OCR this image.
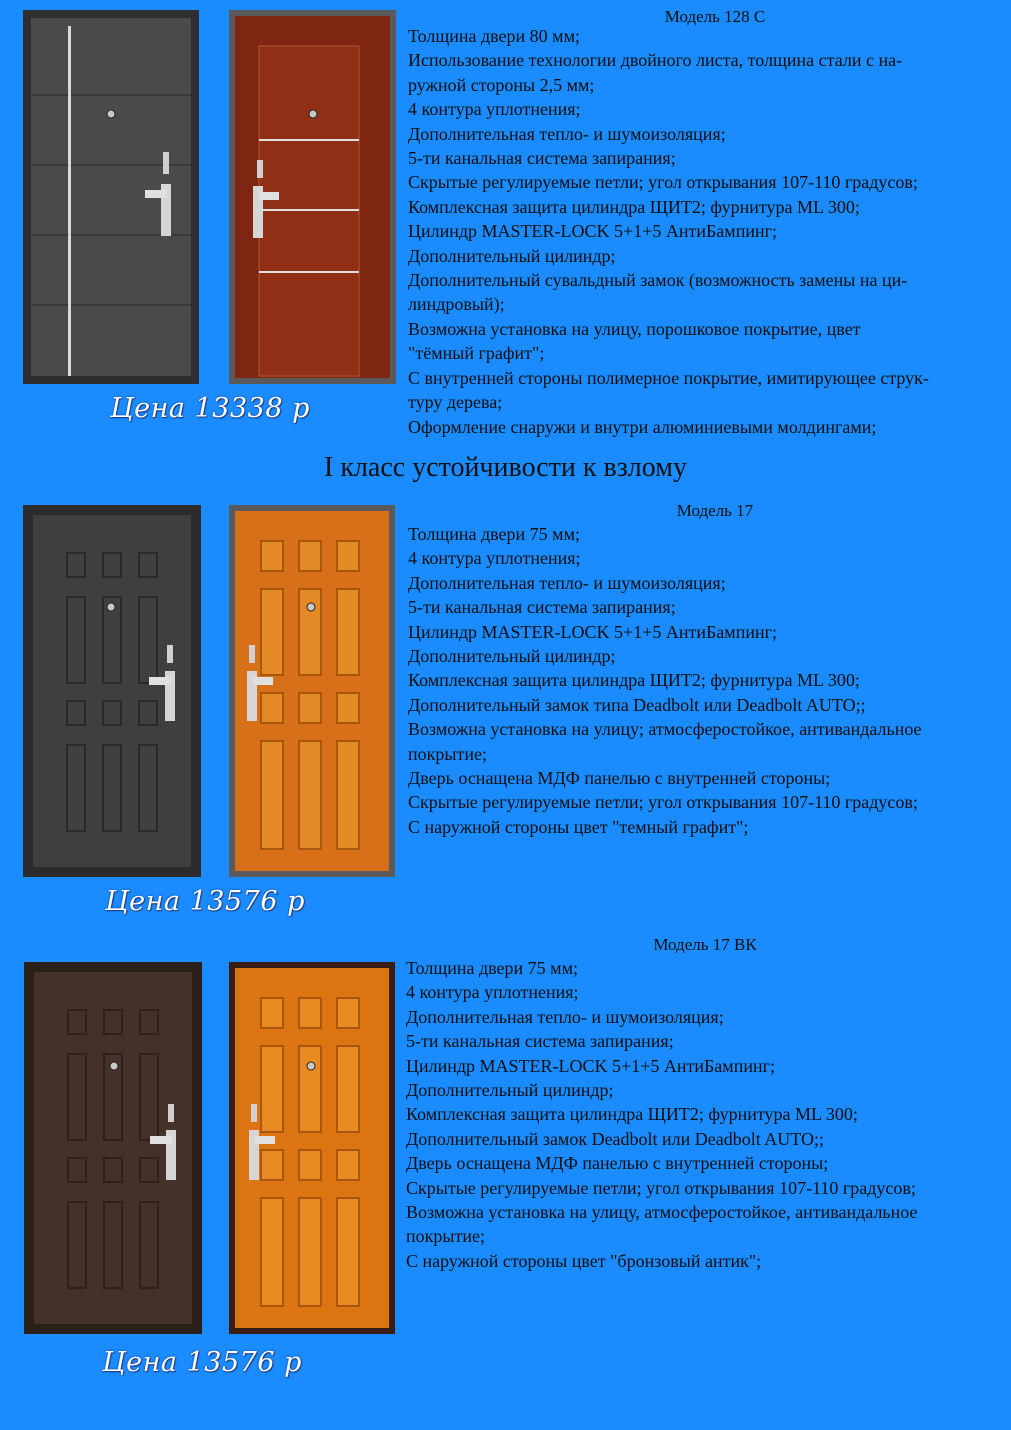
Модель 128 С
Толщина двери 80 мм;
Использование технологии двойного листа, толщина стали с на-
ружной стороны 2,5 мм;
4 контура уплотнения;
Дополнительная тепло- и шумоизоляция;
5-ти канальная система запирания;
Скрытые регулируемые петли; угол открывания 107-110 градусов;
Комплексная защита цилиндра ЩИТ2; фурнитура ML 300;
Цилиндр MASTER-LOCK 5+1+5 АнтиБампинг;
Дополнительный цилиндр;
Дополнительный сувальдный замок (возможность замены на ци-
линдровый);
Возможна установка на улицу, порошковое покрытие, цвет
"тёмный графит";
С внутренней стороны полимерное покрытие, имитирующее струк-
туру дерева;
Оформление снаружи и внутри алюминиевыми молдингами;
Цена 13338 р
I класс устойчивости к взлому
Модель 17
Толщина двери 75 мм;
4 контура уплотнения;
Дополнительная тепло- и шумоизоляция;
5-ти канальная система запирания;
Цилиндр MASTER-LOCK 5+1+5 АнтиБампинг;
Дополнительный цилиндр;
Комплексная защита цилиндра ЩИТ2; фурнитура ML 300;
Дополнительный замок типа Deadbolt или Deadbolt AUTO;;
Возможна установка на улицу; атмосферостойкое, антивандальное
покрытие;
Дверь оснащена МДФ панелью с внутренней стороны;
Скрытые регулируемые петли; угол открывания 107-110 градусов;
С наружной стороны цвет "темный графит";
Цена 13576 р
Модель 17 ВК
Толщина двери 75 мм;
4 контура уплотнения;
Дополнительная тепло- и шумоизоляция;
5-ти канальная система запирания;
Цилиндр MASTER-LOCK 5+1+5 АнтиБампинг;
Дополнительный цилиндр;
Комплексная защита цилиндра ЩИТ2; фурнитура ML 300;
Дополнительный замок Deadbolt или Deadbolt AUTO;;
Дверь оснащена МДФ панелью с внутренней стороны;
Скрытые регулируемые петли; угол открывания 107-110 градусов;
Возможна установка на улицу, атмосферостойкое, антивандальное
покрытие;
С наружной стороны цвет "бронзовый антик";
Цена 13576 р
